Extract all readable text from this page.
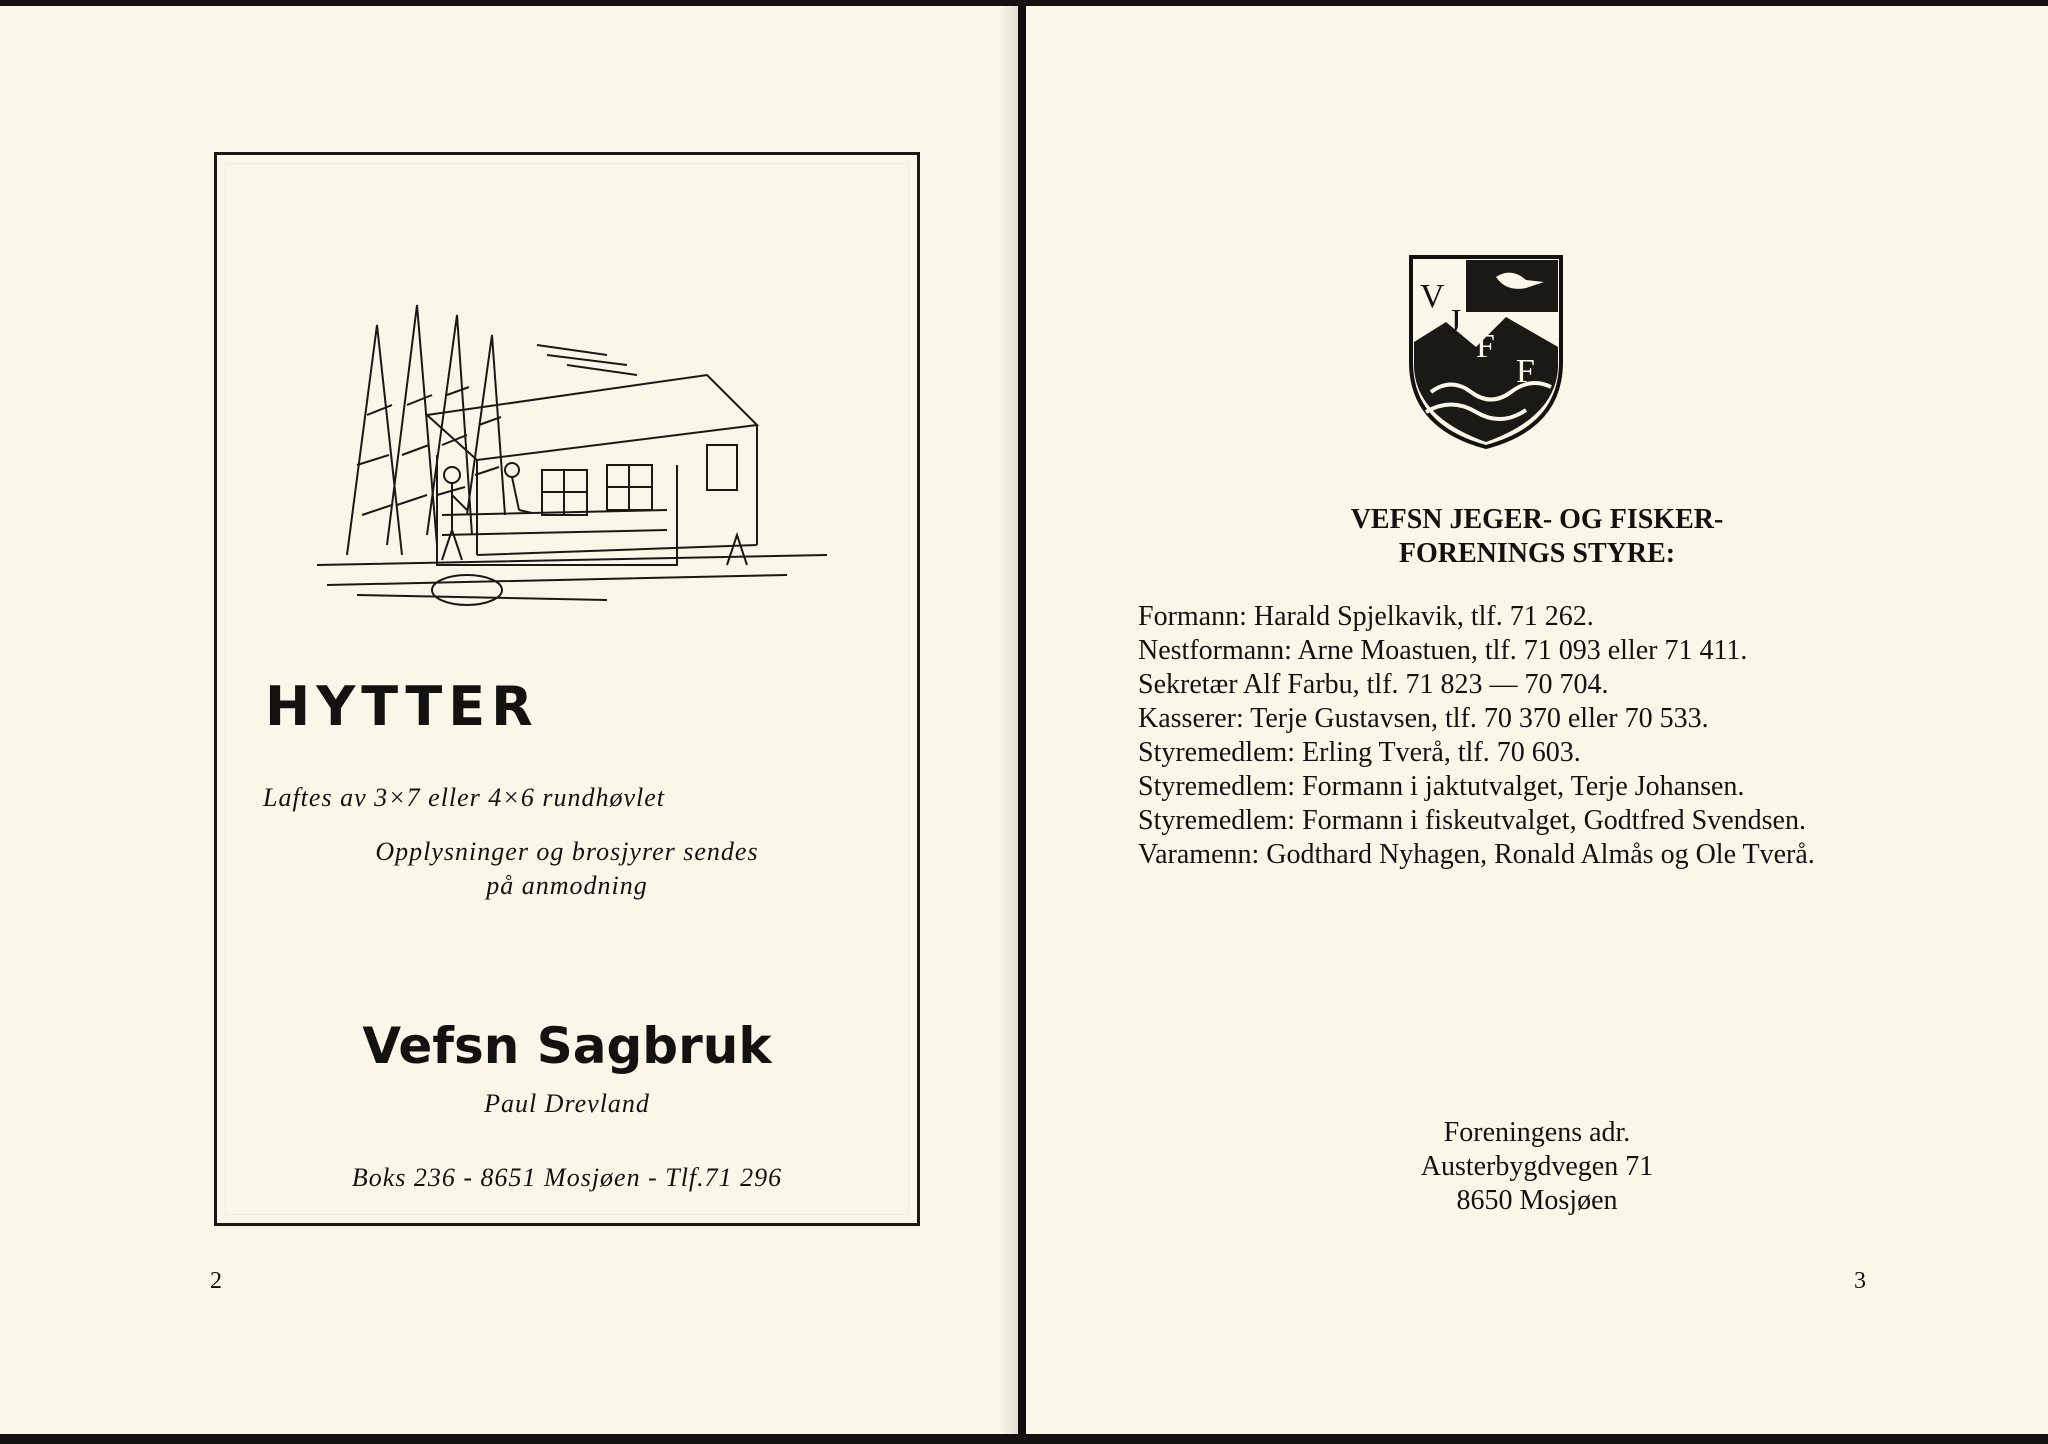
HYTTER
Laftes av 3×7 eller 4×6 rundhøvlet
Opplysninger og brosjyrer sendes
på anmodning
Vefsn Sagbruk
Paul Drevland
Boks 236 - 8651 Mosjøen - Tlf.71 296
2
V
J
F
F
VEFSN JEGER- OG FISKER-
FORENINGS STYRE:

Formann: Harald Spjelkavik, tlf. 71 262.

Nestformann: Arne Moastuen, tlf. 71 093 eller 71 411.

Sekretær Alf Farbu, tlf. 71 823 — 70 704.

Kasserer: Terje Gustavsen, tlf. 70 370 eller 70 533.

Styremedlem: Erling Tverå, tlf. 70 603.

Styremedlem: Formann i jaktutvalget, Terje Johansen.

Styremedlem: Formann i fiskeutvalget, Godtfred Svendsen.

Varamenn: Godthard Nyhagen, Ronald Almås og Ole Tverå.

Foreningens adr.
Austerbygdvegen 71
8650 Mosjøen
3
